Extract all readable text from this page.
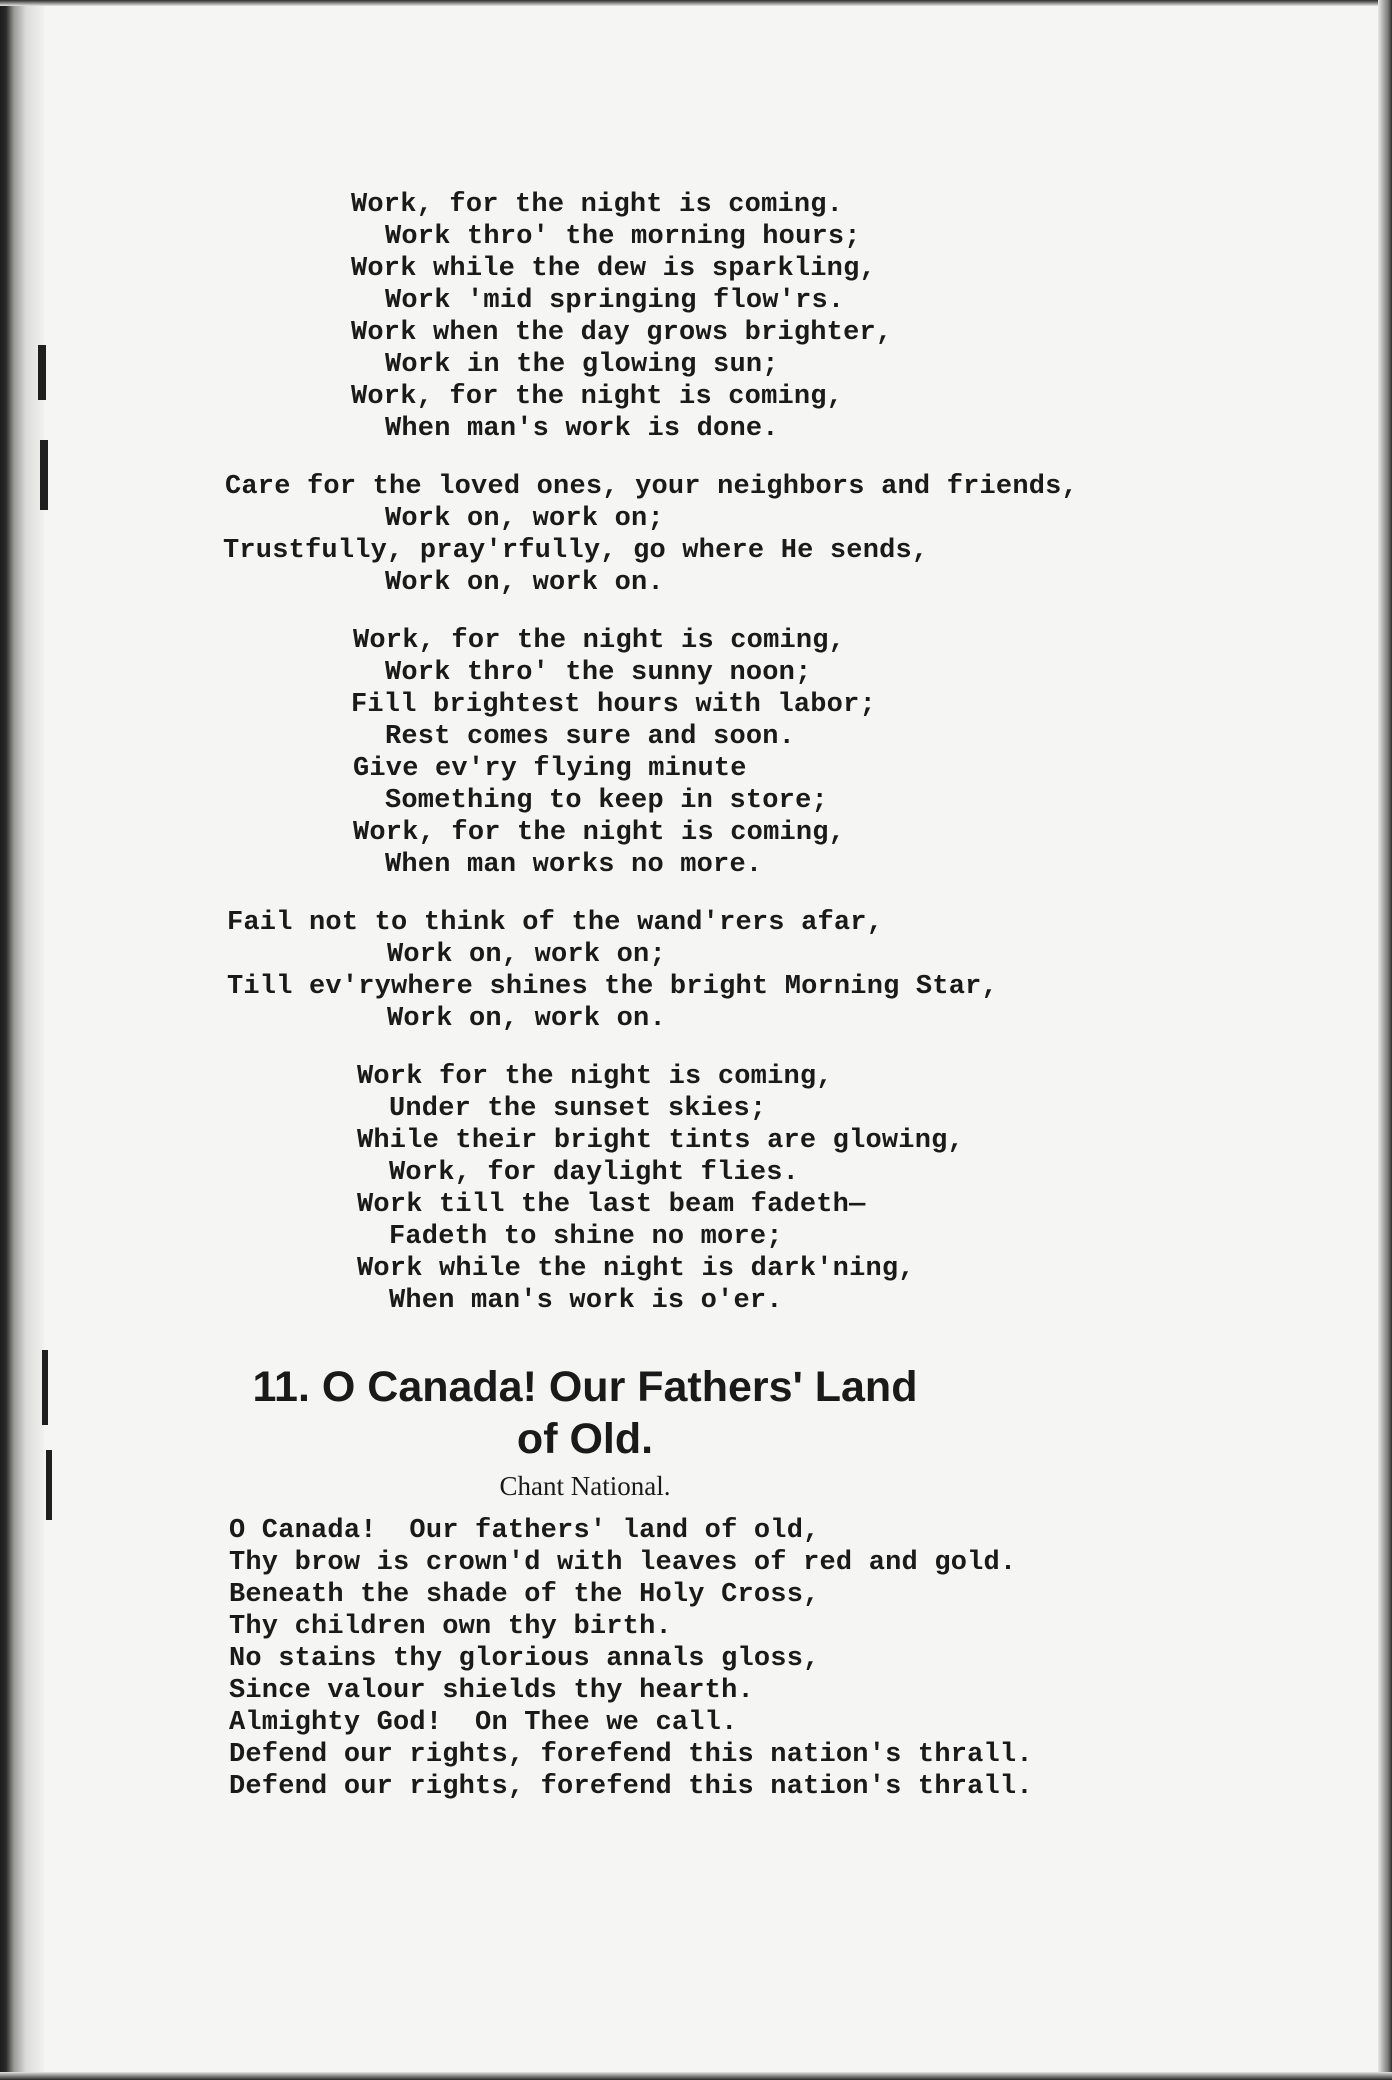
Work, for the night is coming.
Work thro' the morning hours;
Work while the dew is sparkling,
Work 'mid springing flow'rs.
Work when the day grows brighter,
Work in the glowing sun;
Work, for the night is coming,
When man's work is done.
Care for the loved ones, your neighbors and friends,
Work on, work on;
Trustfully, pray'rfully, go where He sends,
Work on, work on.
Work, for the night is coming,
Work thro' the sunny noon;
Fill brightest hours with labor;
Rest comes sure and soon.
Give ev'ry flying minute
Something to keep in store;
Work, for the night is coming,
When man works no more.
Fail not to think of the wand'rers afar,
Work on, work on;
Till ev'rywhere shines the bright Morning Star,
Work on, work on.
Work for the night is coming,
Under the sunset skies;
While their bright tints are glowing,
Work, for daylight flies.
Work till the last beam fadeth—
Fadeth to shine no more;
Work while the night is dark'ning,
When man's work is o'er.
11. O Canada! Our Fathers' Land
of Old.
Chant National.
O Canada!  Our fathers' land of old,
Thy brow is crown'd with leaves of red and gold.
Beneath the shade of the Holy Cross,
Thy children own thy birth.
No stains thy glorious annals gloss,
Since valour shields thy hearth.
Almighty God!  On Thee we call.
Defend our rights, forefend this nation's thrall.
Defend our rights, forefend this nation's thrall.
